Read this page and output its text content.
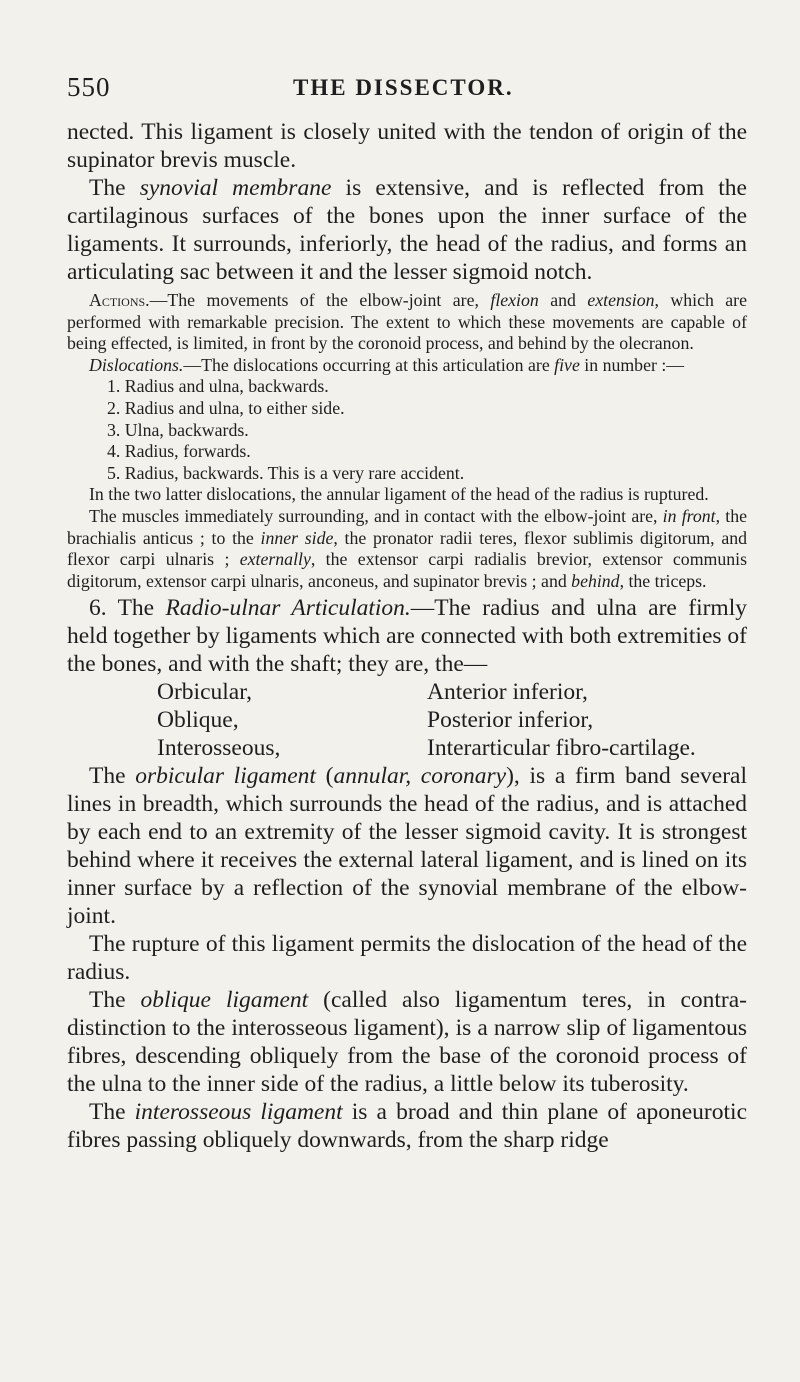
550	THE DISSECTOR.

nected. This ligament is closely united with the tendon of origin of the supinator brevis muscle.

The synovial membrane is extensive, and is reflected from the cartilaginous surfaces of the bones upon the inner surface of the ligaments. It surrounds, inferiorly, the head of the radius, and forms an articulating sac between it and the lesser sigmoid notch.

Actions.—The movements of the elbow-joint are, flexion and extension, which are performed with remarkable precision. The extent to which these movements are capable of being effected, is limited, in front by the coronoid process, and behind by the olecranon.

Dislocations.—The dislocations occurring at this articulation are five in number :—

1. Radius and ulna, backwards.
2. Radius and ulna, to either side.
3. Ulna, backwards.
4. Radius, forwards.
5. Radius, backwards. This is a very rare accident.

In the two latter dislocations, the annular ligament of the head of the radius is ruptured.

The muscles immediately surrounding, and in contact with the elbow-joint are, in front, the brachialis anticus ; to the inner side, the pronator radii teres, flexor sublimis digitorum, and flexor carpi ulnaris ; externally, the extensor carpi radialis brevior, extensor communis digitorum, extensor carpi ulnaris, anconeus, and supinator brevis ; and behind, the triceps.

6. The Radio-ulnar Articulation.—The radius and ulna are firmly held together by ligaments which are connected with both extremities of the bones, and with the shaft; they are, the—

Orbicular,
Oblique,
Interosseous,
Anterior inferior,
Posterior inferior,
Interarticular fibro-cartilage.

The orbicular ligament (annular, coronary), is a firm band several lines in breadth, which surrounds the head of the radius, and is attached by each end to an extremity of the lesser sigmoid cavity. It is strongest behind where it receives the external lateral ligament, and is lined on its inner surface by a reflection of the synovial membrane of the elbow-joint.

The rupture of this ligament permits the dislocation of the head of the radius.

The oblique ligament (called also ligamentum teres, in contra-distinction to the interosseous ligament), is a narrow slip of ligamentous fibres, descending obliquely from the base of the coronoid process of the ulna to the inner side of the radius, a little below its tuberosity.

The interosseous ligament is a broad and thin plane of aponeurotic fibres passing obliquely downwards, from the sharp ridge
